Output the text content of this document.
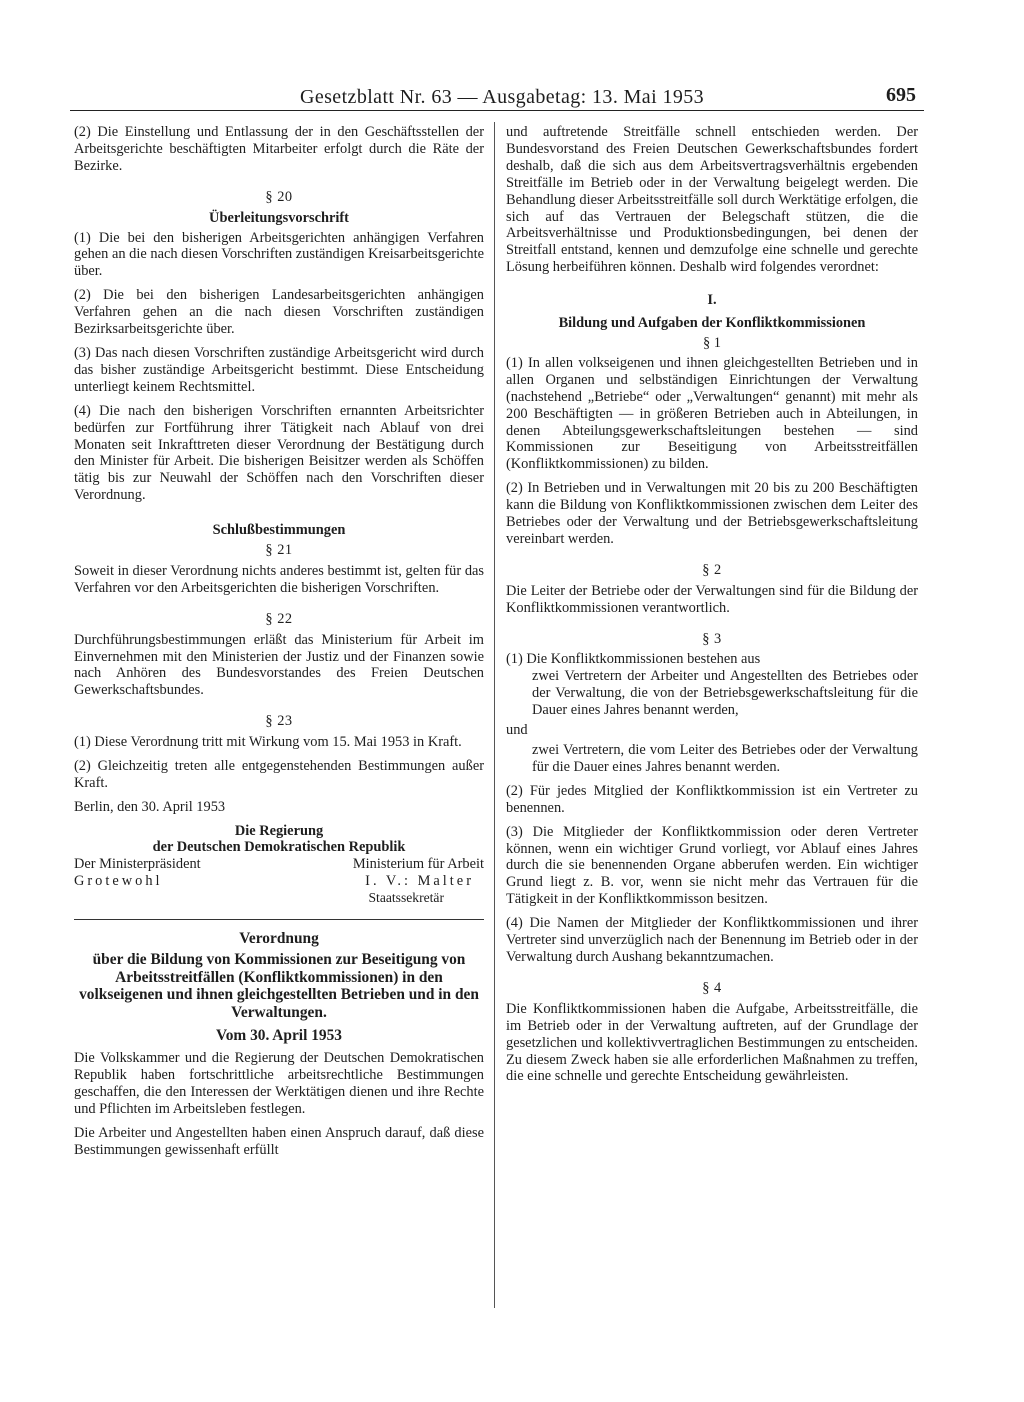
Gesetzblatt Nr. 63 — Ausgabetag: 13. Mai 1953	695

(2) Die Einstellung und Entlassung der in den Geschäftsstellen der Arbeitsgerichte beschäftigten Mitarbeiter erfolgt durch die Räte der Bezirke.

§ 20
Überleitungsvorschrift

(1) Die bei den bisherigen Arbeitsgerichten anhängigen Verfahren gehen an die nach diesen Vorschriften zuständigen Kreisarbeitsgerichte über.

(2) Die bei den bisherigen Landesarbeitsgerichten anhängigen Verfahren gehen an die nach diesen Vorschriften zuständigen Bezirksarbeitsgerichte über.

(3) Das nach diesen Vorschriften zuständige Arbeitsgericht wird durch das bisher zuständige Arbeitsgericht bestimmt. Diese Entscheidung unterliegt keinem Rechtsmittel.

(4) Die nach den bisherigen Vorschriften ernannten Arbeitsrichter bedürfen zur Fortführung ihrer Tätigkeit nach Ablauf von drei Monaten seit Inkrafttreten dieser Verordnung der Bestätigung durch den Minister für Arbeit. Die bisherigen Beisitzer werden als Schöffen tätig bis zur Neuwahl der Schöffen nach den Vorschriften dieser Verordnung.

Schlußbestimmungen
§ 21

Soweit in dieser Verordnung nichts anderes bestimmt ist, gelten für das Verfahren vor den Arbeitsgerichten die bisherigen Vorschriften.

§ 22

Durchführungsbestimmungen erläßt das Ministerium für Arbeit im Einvernehmen mit den Ministerien der Justiz und der Finanzen sowie nach Anhören des Bundesvorstandes des Freien Deutschen Gewerkschaftsbundes.

§ 23

(1) Diese Verordnung tritt mit Wirkung vom 15. Mai 1953 in Kraft.

(2) Gleichzeitig treten alle entgegenstehenden Bestimmungen außer Kraft.

Berlin, den 30. April 1953

Die Regierung
der Deutschen Demokratischen Republik
Der Ministerpräsident	Ministerium für Arbeit
Grotewohl	I. V.: Malter
Staatssekretär
Verordnung
über die Bildung von Kommissionen zur Beseitigung von Arbeitsstreitfällen (Konfliktkommissionen) in den volkseigenen und ihnen gleichgestellten Betrieben und in den Verwaltungen.
Vom 30. April 1953

Die Volkskammer und die Regierung der Deutschen Demokratischen Republik haben fortschrittliche arbeitsrechtliche Bestimmungen geschaffen, die den Interessen der Werktätigen dienen und ihre Rechte und Pflichten im Arbeitsleben festlegen.

Die Arbeiter und Angestellten haben einen Anspruch darauf, daß diese Bestimmungen gewissenhaft erfüllt

und auftretende Streitfälle schnell entschieden werden. Der Bundesvorstand des Freien Deutschen Gewerkschaftsbundes fordert deshalb, daß die sich aus dem Arbeitsvertragsverhältnis ergebenden Streitfälle im Betrieb oder in der Verwaltung beigelegt werden. Die Behandlung dieser Arbeitsstreitfälle soll durch Werktätige erfolgen, die sich auf das Vertrauen der Belegschaft stützen, die die Arbeitsverhältnisse und Produktionsbedingungen, bei denen der Streitfall entstand, kennen und demzufolge eine schnelle und gerechte Lösung herbeiführen können. Deshalb wird folgendes verordnet:

I.
Bildung und Aufgaben der Konfliktkommissionen
§ 1

(1) In allen volkseigenen und ihnen gleichgestellten Betrieben und in allen Organen und selbständigen Einrichtungen der Verwaltung (nachstehend „Betriebe“ oder „Verwaltungen“ genannt) mit mehr als 200 Beschäftigten — in größeren Betrieben auch in Abteilungen, in denen Abteilungsgewerkschaftsleitungen bestehen — sind Kommissionen zur Beseitigung von Arbeitsstreitfällen (Konfliktkommissionen) zu bilden.

(2) In Betrieben und in Verwaltungen mit 20 bis zu 200 Beschäftigten kann die Bildung von Konfliktkommissionen zwischen dem Leiter des Betriebes oder der Verwaltung und der Betriebsgewerkschaftsleitung vereinbart werden.

§ 2

Die Leiter der Betriebe oder der Verwaltungen sind für die Bildung der Konfliktkommissionen verantwortlich.

§ 3

(1) Die Konfliktkommissionen bestehen aus

zwei Vertretern der Arbeiter und Angestellten des Betriebes oder der Verwaltung, die von der Betriebsgewerkschaftsleitung für die Dauer eines Jahres benannt werden,
und
zwei Vertretern, die vom Leiter des Betriebes oder der Verwaltung für die Dauer eines Jahres benannt werden.

(2) Für jedes Mitglied der Konfliktkommission ist ein Vertreter zu benennen.

(3) Die Mitglieder der Konfliktkommission oder deren Vertreter können, wenn ein wichtiger Grund vorliegt, vor Ablauf eines Jahres durch die sie benennenden Organe abberufen werden. Ein wichtiger Grund liegt z. B. vor, wenn sie nicht mehr das Vertrauen für die Tätigkeit in der Konfliktkommisson besitzen.

(4) Die Namen der Mitglieder der Konfliktkommissionen und ihrer Vertreter sind unverzüglich nach der Benennung im Betrieb oder in der Verwaltung durch Aushang bekanntzumachen.

§ 4

Die Konfliktkommissionen haben die Aufgabe, Arbeitsstreitfälle, die im Betrieb oder in der Verwaltung auftreten, auf der Grundlage der gesetzlichen und kollektivvertraglichen Bestimmungen zu entscheiden. Zu diesem Zweck haben sie alle erforderlichen Maßnahmen zu treffen, die eine schnelle und gerechte Entscheidung gewährleisten.
